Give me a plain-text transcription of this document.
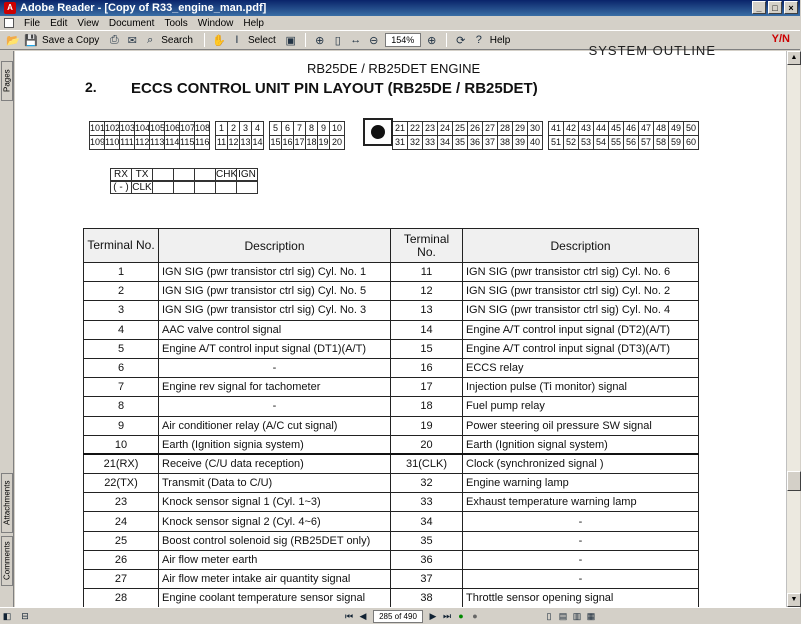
A Adobe Reader - [Copy of R33_engine_man.pdf]	_	□	×
File Edit View Document Tools Window Help
📂 💾 Save a Copy ⎙ ✉ ⌕ Search ✋ I Select ▣ ⊕ ▯ ↔ ⊖	154%	⊕ ⟳ ? Help	Y/N
Pages
Attachments
Comments
SYSTEM OUTLINE
RB25DE / RB25DET ENGINE
2. ECCS CONTROL UNIT PIN LAYOUT (RB25DE / RB25DET)
101 102 103 104 105 106 107 108 1 2 3 4	5 6 7 8 9 10	21 22 23 24 25 26 27 28 29 30	41 42 43 44 45 46 47 48 49 50
109 110 111 112 113 114 115 116 11 12 13 14 15 16 17 18 19 20	31 32 33 34 35 36 37 38 39 40	51 52 53 54 55 56 57 58 59 60
RX TX	CHK IGN
( - ) CLK
Terminal No.	Description	Terminal No.	Description
1	IGN SIG (pwr transistor ctrl sig) Cyl. No. 1	11	IGN SIG (pwr transistor ctrl sig) Cyl. No. 6
2	IGN SIG (pwr transistor ctrl sig) Cyl. No. 5	12	IGN SIG (pwr transistor ctrl sig) Cyl. No. 2
3	IGN SIG (pwr transistor ctrl sig) Cyl. No. 3	13	IGN SIG (pwr transistor ctrl sig) Cyl. No. 4
4	AAC valve control signal	14	Engine A/T control input signal (DT2)(A/T)
5	Engine A/T control input signal (DT1)(A/T)	15	Engine A/T control input signal (DT3)(A/T)
6	-	16	ECCS relay
7	Engine rev signal for tachometer	17	Injection pulse (Ti monitor) signal
8	-	18	Fuel pump relay
9	Air conditioner relay (A/C cut signal)	19	Power steering oil pressure SW signal
10	Earth (Ignition signia system)	20	Earth (Ignition signal system)
21(RX)	Receive (C/U data reception)	31(CLK)	Clock (synchronized signal )
22(TX)	Transmit (Data to C/U)	32	Engine warning lamp
23	Knock sensor signal 1 (Cyl. 1~3)	33	Exhaust temperature warning lamp
24	Knock sensor signal 2 (Cyl. 4~6)	34	-
25	Boost control solenoid sig (RB25DET only)	35	-
26	Air flow meter earth	36	-
27	Air flow meter intake air quantity signal	37	-
28	Engine coolant temperature sensor signal	38	Throttle sensor opening signal
▲
▼
◧	⊟	⏮ ◀	285 of 490	▶ ⏭ ● ●	▯ ▤ ▥ ▦
